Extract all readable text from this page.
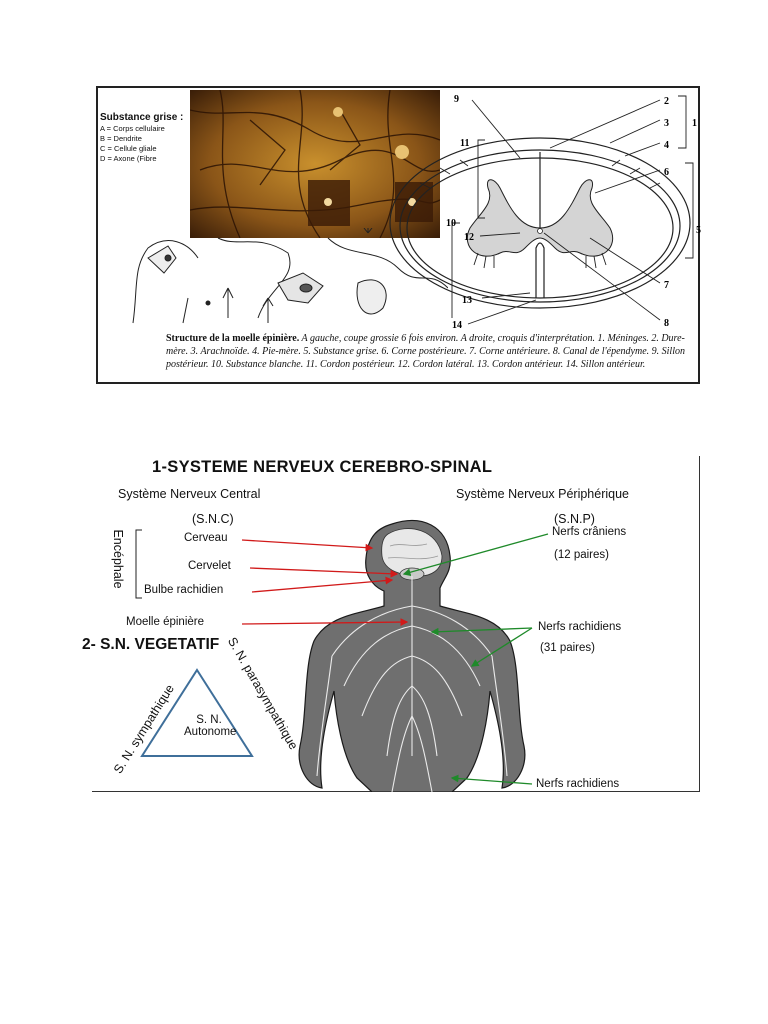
Substance grise :
A = Corps cellulaire
B = Dendrite
C = Cellule gliale
D = Axone (Fibre
9	2
3
4
1
11
6
5
10
12
7
13
14	8
Structure de la moelle épinière. A gauche, coupe grossie 6 fois environ. A droite, croquis d'interprétation. 1. Méninges. 2. Dure-mère. 3. Arachnoïde. 4. Pie-mère. 5. Substance grise. 6. Corne postérieure. 7. Corne antérieure. 8. Canal de l'épendyme. 9. Sillon postérieur. 10. Substance blanche. 11. Cordon postérieur. 12. Cordon latéral. 13. Cordon antérieur. 14. Sillon antérieur.
1-SYSTEME NERVEUX CEREBRO-SPINAL
Système Nerveux Central
(S.N.C)
Système Nerveux Périphérique
(S.N.P)
Encéphale	Cerveau
Cervelet
Bulbe rachidien
Moelle épinière
Nerfs crâniens
(12 paires)
Nerfs rachidiens
(31 paires)
Nerfs rachidiens
2- S.N. VEGETATIF
S. N.
Autonome
S. N. sympathique	S. N. parasympathique
